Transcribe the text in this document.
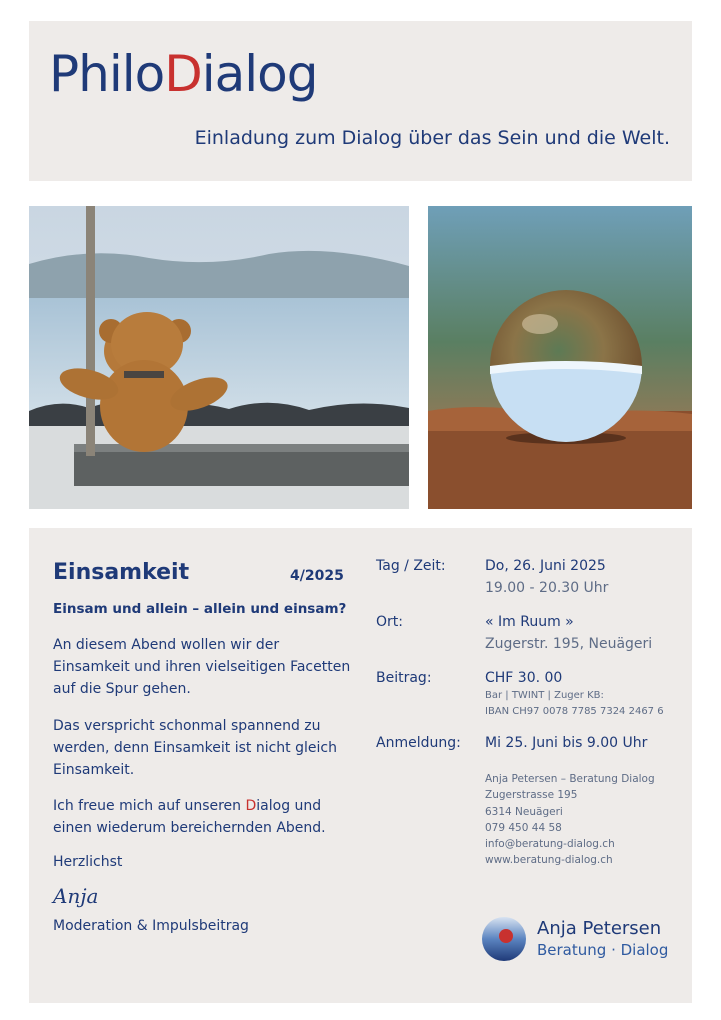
PhiloDialog
Einladung zum Dialog über das Sein und die Welt.
Einsamkeit	4/2025
Einsam und allein – allein und einsam?
An diesem Abend wollen wir der Einsamkeit und ihren vielseitigen Facetten auf die Spur gehen.
Das verspricht schonmal spannend zu werden, denn Einsamkeit ist nicht gleich Einsamkeit.
Ich freue mich auf unseren Dialog und einen wiederum bereichernden Abend.
Herzlichst
Anja
Moderation & Impulsbeitrag
Tag / Zeit:	Do, 26. Juni 2025
19.00 - 20.30 Uhr
Ort:	« Im Ruum »
Zugerstr. 195, Neuägeri
Beitrag:	CHF 30. 00
Bar | TWINT | Zuger KB:
IBAN CH97 0078 7785 7324 2467 6
Anmeldung: Mi 25. Juni bis 9.00 Uhr
Anja Petersen – Beratung Dialog
Zugerstrasse 195
6314 Neuägeri
079 450 44 58
info@beratung-dialog.ch
www.beratung-dialog.ch
Anja Petersen
Beratung · Dialog
